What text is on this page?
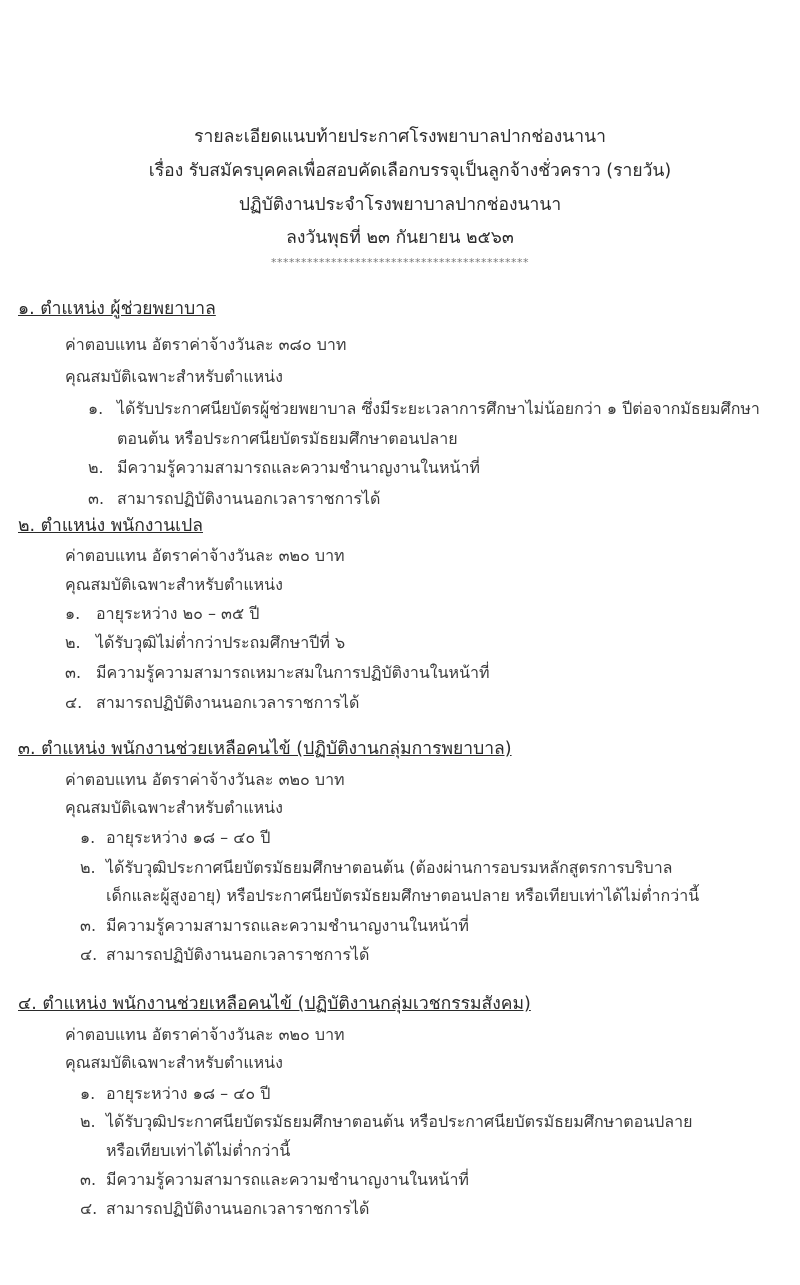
รายละเอียดแนบท้ายประกาศโรงพยาบาลปากช่องนานา
เรื่อง รับสมัครบุคคลเพื่อสอบคัดเลือกบรรจุเป็นลูกจ้างชั่วคราว (รายวัน)
ปฏิบัติงานประจำโรงพยาบาลปากช่องนานา
ลงวันพุธที่ ๒๓ กันยายน ๒๕๖๓
*******************************************
๑. ตำแหน่ง ผู้ช่วยพยาบาล
ค่าตอบแทน อัตราค่าจ้างวันละ ๓๘๐ บาท
คุณสมบัติเฉพาะสำหรับตำแหน่ง
๑. ได้รับประกาศนียบัตรผู้ช่วยพยาบาล ซึ่งมีระยะเวลาการศึกษาไม่น้อยกว่า ๑ ปีต่อจากมัธยมศึกษา
ตอนต้น หรือประกาศนียบัตรมัธยมศึกษาตอนปลาย
๒. มีความรู้ความสามารถและความชำนาญงานในหน้าที่
๓. สามารถปฏิบัติงานนอกเวลาราชการได้
๒. ตำแหน่ง พนักงานเปล
ค่าตอบแทน อัตราค่าจ้างวันละ ๓๒๐ บาท
คุณสมบัติเฉพาะสำหรับตำแหน่ง
๑. อายุระหว่าง ๒๐ – ๓๕ ปี
๒. ได้รับวุฒิไม่ต่ำกว่าประถมศึกษาปีที่ ๖
๓. มีความรู้ความสามารถเหมาะสมในการปฏิบัติงานในหน้าที่
๔. สามารถปฏิบัติงานนอกเวลาราชการได้
๓. ตำแหน่ง พนักงานช่วยเหลือคนไข้ (ปฏิบัติงานกลุ่มการพยาบาล)
ค่าตอบแทน อัตราค่าจ้างวันละ ๓๒๐ บาท
คุณสมบัติเฉพาะสำหรับตำแหน่ง
๑. อายุระหว่าง ๑๘ – ๔๐ ปี
๒. ได้รับวุฒิประกาศนียบัตรมัธยมศึกษาตอนต้น (ต้องผ่านการอบรมหลักสูตรการบริบาล
เด็กและผู้สูงอายุ) หรือประกาศนียบัตรมัธยมศึกษาตอนปลาย หรือเทียบเท่าได้ไม่ต่ำกว่านี้
๓. มีความรู้ความสามารถและความชำนาญงานในหน้าที่
๔. สามารถปฏิบัติงานนอกเวลาราชการได้
๔. ตำแหน่ง พนักงานช่วยเหลือคนไข้ (ปฏิบัติงานกลุ่มเวชกรรมสังคม)
ค่าตอบแทน อัตราค่าจ้างวันละ ๓๒๐ บาท
คุณสมบัติเฉพาะสำหรับตำแหน่ง
๑. อายุระหว่าง ๑๘ – ๔๐ ปี
๒. ได้รับวุฒิประกาศนียบัตรมัธยมศึกษาตอนต้น หรือประกาศนียบัตรมัธยมศึกษาตอนปลาย
หรือเทียบเท่าได้ไม่ต่ำกว่านี้
๓. มีความรู้ความสามารถและความชำนาญงานในหน้าที่
๔. สามารถปฏิบัติงานนอกเวลาราชการได้
